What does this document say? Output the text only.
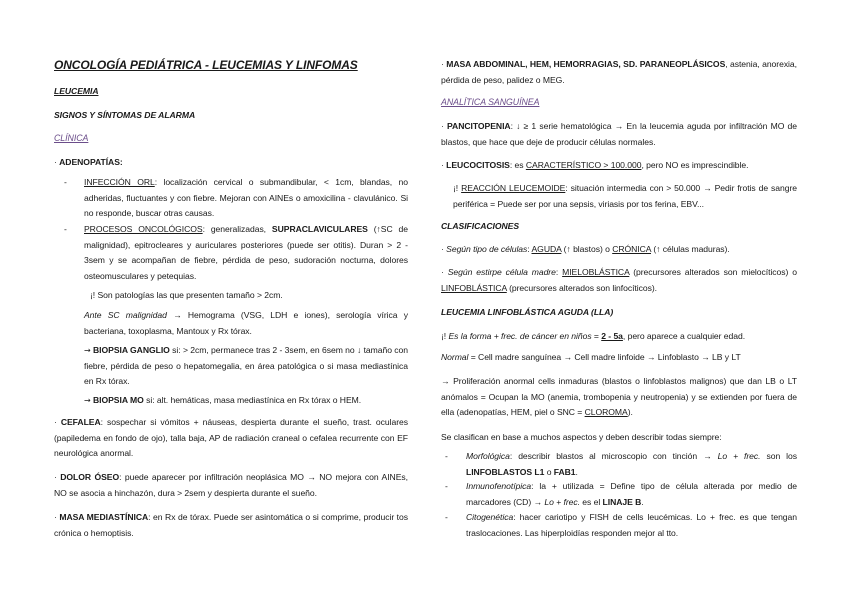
ONCOLOGÍA PEDIÁTRICA - LEUCEMIAS Y LINFOMAS
LEUCEMIA
SIGNOS Y SÍNTOMAS DE ALARMA
CLÍNICA
· ADENOPATÍAS:
-	INFECCIÓN ORL: localización cervical o submandibular, < 1cm, blandas, no adheridas, fluctuantes y con fiebre. Mejoran con AINEs o amoxicilina - clavulánico. Si no responde, buscar otras causas.
-	PROCESOS ONCOLÓGICOS: generalizadas, SUPRACLAVICULARES (↑SC de malignidad), epitrocleares y auriculares posteriores (puede ser otitis). Duran > 2 - 3sem y se acompañan de fiebre, pérdida de peso, sudoración nocturna, dolores osteomusculares y petequias.
¡! Son patologías las que presenten tamaño > 2cm.
Ante SC malignidad → Hemograma (VSG, LDH e iones), serología vírica y bacteriana, toxoplasma, Mantoux y Rx tórax.
→ BIOPSIA GANGLIO si: > 2cm, permanece tras 2 - 3sem, en 6sem no ↓ tamaño con fiebre, pérdida de peso o hepatomegalia, en área patológica o si masa mediastínica en Rx tórax.
→ BIOPSIA MO si: alt. hemáticas, masa mediastínica en Rx tórax o HEM.
· CEFALEA: sospechar si vómitos + náuseas, despierta durante el sueño, trast. oculares (papiledema en fondo de ojo), talla baja, AP de radiación craneal o cefalea recurrente con EF neurológica anormal.
· DOLOR ÓSEO: puede aparecer por infiltración neoplásica MO → NO mejora con AINEs, NO se asocia a hinchazón, dura > 2sem y despierta durante el sueño.
· MASA MEDIASTÍNICA: en Rx de tórax. Puede ser asintomática o si comprime, producir tos crónica o hemoptisis.
· MASA ABDOMINAL, HEM, HEMORRAGIAS, SD. PARANEOPLÁSICOS, astenia, anorexia, pérdida de peso, palidez o MEG.
ANALÍTICA SANGUÍNEA
· PANCITOPENIA: ↓ ≥ 1 serie hematológica → En la leucemia aguda por infiltración MO de blastos, que hace que deje de producir células normales.
· LEUCOCITOSIS: es CARACTERÍSTICO > 100.000, pero NO es imprescindible.
¡! REACCIÓN LEUCEMOIDE: situación intermedia con > 50.000 → Pedir frotis de sangre periférica = Puede ser por una sepsis, viriasis por tos ferina, EBV...
CLASIFICACIONES
· Según tipo de células: AGUDA (↑ blastos) o CRÓNICA (↑ células maduras).
· Según estirpe célula madre: MIELOBLÁSTICA (precursores alterados son mielocíticos) o LINFOBLÁSTICA (precursores alterados son linfocíticos).
LEUCEMIA LINFOBLÁSTICA AGUDA (LLA)
¡! Es la forma + frec. de cáncer en niños = 2 - 5a, pero aparece a cualquier edad.
Normal = Cell madre sanguínea → Cell madre linfoide → Linfoblasto → LB y LT
→ Proliferación anormal cells inmaduras (blastos o linfoblastos malignos) que dan LB o LT anómalos = Ocupan la MO (anemia, trombopenia y neutropenia) y se extienden por fuera de ella (adenopatías, HEM, piel o SNC = CLOROMA).
Se clasifican en base a muchos aspectos y deben describir todas siempre:
-	Morfológica: describir blastos al microscopio con tinción → Lo + frec. son los LINFOBLASTOS L1 o FAB1.
-	Inmunofenotípica: la + utilizada = Define tipo de célula alterada por medio de marcadores (CD) → Lo + frec. es el LINAJE B.
-	Citogenética: hacer cariotipo y FISH de cells leucémicas. Lo + frec. es que tengan traslocaciones. Las hiperploidías responden mejor al tto.
